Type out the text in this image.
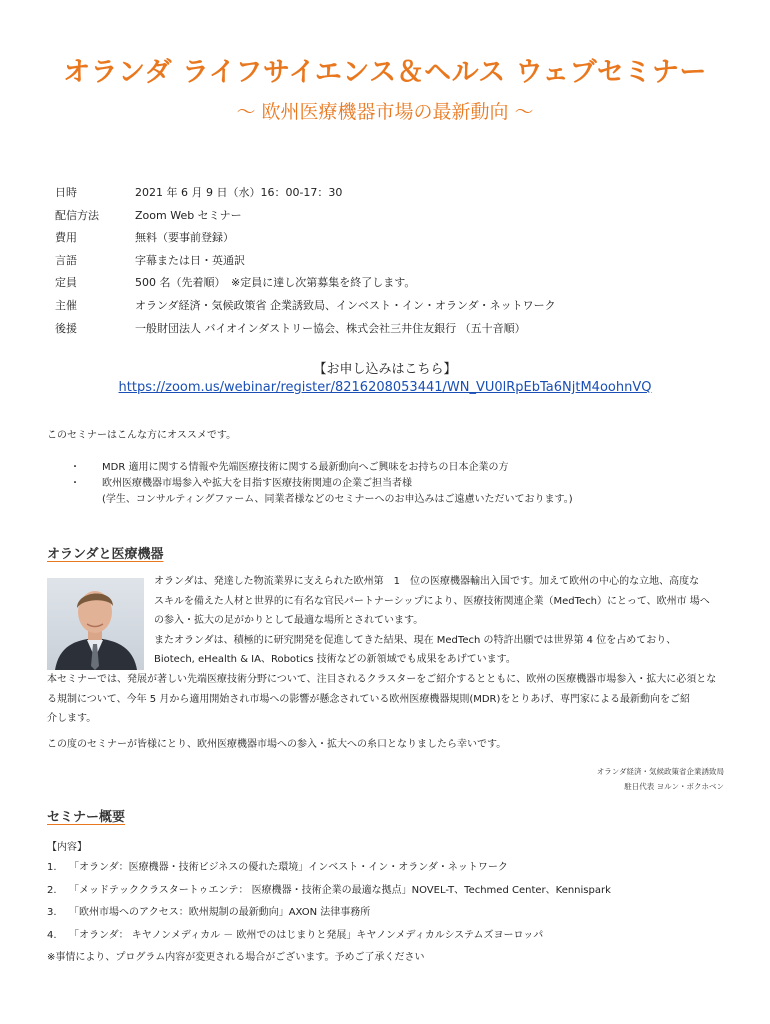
オランダ ライフサイエンス＆ヘルス ウェブセミナー
～ 欧州医療機器市場の最新動向 ～
日時	2021 年 6 月 9 日（水）16：00-17：30
配信方法	Zoom Web セミナー
費用	無料（要事前登録）
言語	字幕または日・英通訳
定員	500 名（先着順）　※定員に達し次第募集を終了します。
主催	オランダ経済・気候政策省 企業誘致局、インベスト・イン・オランダ・ネットワーク
後援	一般財団法人 バイオインダストリー協会、株式会社三井住友銀行 （五十音順）
【お申し込みはこちら】
https://zoom.us/webinar/register/8216208053441/WN_VU0lRpEbTa6NjtM4oohnVQ
このセミナーはこんな方にオススメです。
・	MDR 適用に関する情報や先端医療技術に関する最新動向へご興味をお持ちの日本企業の方
・	欧州医療機器市場参入や拡大を目指す医療技術関連の企業ご担当者様
(学生、コンサルティングファーム、同業者様などのセミナーへのお申込みはご遠慮いただいております。)
オランダと医療機器
オランダは、発達した物流業界に支えられた欧州第　1　位の医療機器輸出入国です。加えて欧州の中心的な立地、高度な
スキルを備えた人材と世界的に有名な官民パートナーシップにより、医療技術関連企業（MedTech）にとって、欧州市 場へ
の参入・拡大の足がかりとして最適な場所とされています。
またオランダは、積極的に研究開発を促進してきた結果、現在 MedTech の特許出願では世界第 4 位を占めており、
Biotech, eHealth & IA、Robotics 技術などの新領域でも成果をあげています。
本セミナーでは、発展が著しい先端医療技術分野について、注目されるクラスターをご紹介するとともに、欧州の医療機器市場参入・拡大に必須とな
る規制について、今年 5 月から適用開始され市場への影響が懸念されている欧州医療機器規則(MDR)をとりあげ、専門家による最新動向をご紹
介します。
この度のセミナーが皆様にとり、欧州医療機器市場への参入・拡大への糸口となりましたら幸いです。
オランダ経済・気候政策省企業誘致局
駐日代表 ヨルン・ボクホベン
セミナー概要
【内容】
1. 「オランダ：医療機器・技術ビジネスの優れた環境」インベスト・イン・オランダ・ネットワーク
2. 「メッドテッククラスタートゥエンテ： 医療機器・技術企業の最適な拠点」NOVEL-T、Techmed Center、Kennispark
3. 「欧州市場へのアクセス：欧州規制の最新動向」AXON 法律事務所
4. 「オランダ： キヤノンメディカル － 欧州でのはじまりと発展」キヤノンメディカルシステムズヨーロッパ
※事情により、プログラム内容が変更される場合がございます。予めご了承ください
